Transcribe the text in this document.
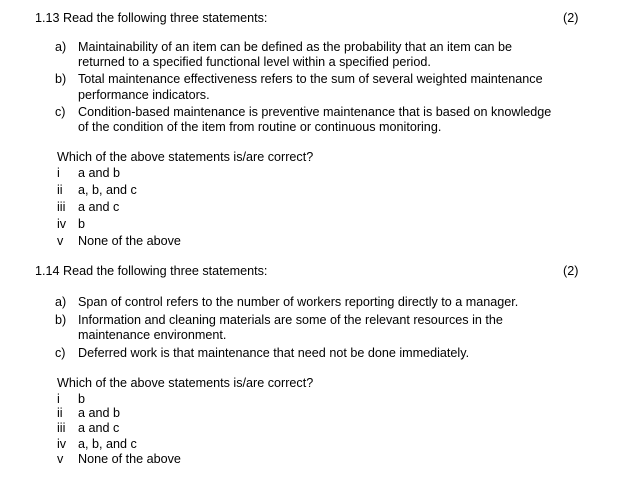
1.13 Read the following three statements:	(2)
a) Maintainability of an item can be defined as the probability that an item can be
returned to a specified functional level within a specified period.
b) Total maintenance effectiveness refers to the sum of several weighted maintenance
performance indicators.
c) Condition-based maintenance is preventive maintenance that is based on knowledge
of the condition of the item from routine or continuous monitoring.
Which of the above statements is/are correct?
i a and b
ii a, b, and c
iii a and c
iv b
v None of the above
1.14 Read the following three statements:	(2)
a) Span of control refers to the number of workers reporting directly to a manager.
b) Information and cleaning materials are some of the relevant resources in the
maintenance environment.
c) Deferred work is that maintenance that need not be done immediately.
Which of the above statements is/are correct?
i b
ii a and b
iii a and c
iv a, b, and c
v None of the above
